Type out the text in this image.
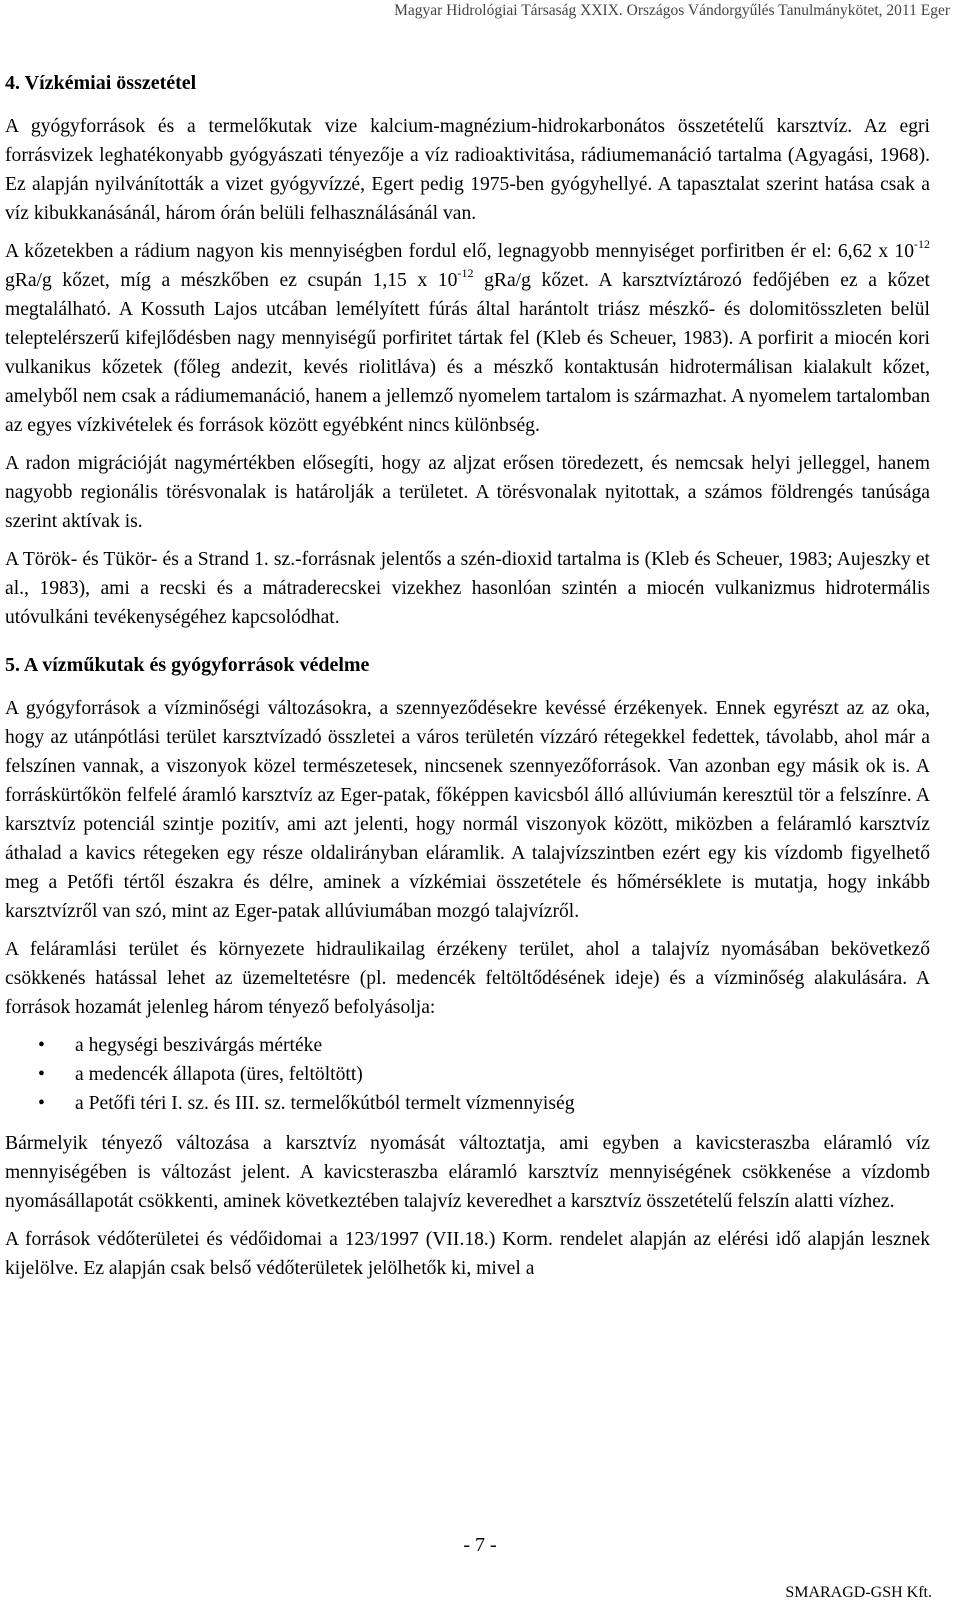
Magyar Hidrológiai Társaság XXIX. Országos Vándorgyűlés Tanulmánykötet, 2011 Eger
4. Vízkémiai összetétel

A gyógyforrások és a termelőkutak vize kalcium-magnézium-hidrokarbonátos összetételű karsztvíz. Az egri forrásvizek leghatékonyabb gyógyászati tényezője a víz radioaktivitása, rádiumemanáció tartalma (Agyagási, 1968). Ez alapján nyilvánították a vizet gyógyvízzé, Egert pedig 1975-ben gyógyhellyé. A tapasztalat szerint hatása csak a víz kibukkanásánál, három órán belüli felhasználásánál van.

A kőzetekben a rádium nagyon kis mennyiségben fordul elő, legnagyobb mennyiséget porfiritben ér el: 6,62 x $10^{-12}$ gRa/g kőzet, míg a mészkőben ez csupán 1,15 x $10^{-12}$ gRa/g kőzet. A karsztvíztározó fedőjében ez a kőzet megtalálható. A Kossuth Lajos utcában lemélyített fúrás által harántolt triász mészkő- és dolomitösszleten belül teleptelérszerű kifejlődésben nagy mennyiségű porfiritet tártak fel (Kleb és Scheuer, 1983). A porfirit a miocén kori vulkanikus kőzetek (főleg andezit, kevés riolitláva) és a mészkő kontaktusán hidrotermálisan kialakult kőzet, amelyből nem csak a rádiumemanáció, hanem a jellemző nyomelem tartalom is származhat. A nyomelem tartalomban az egyes vízkivételek és források között egyébként nincs különbség.

A radon migrációját nagymértékben elősegíti, hogy az aljzat erősen töredezett, és nemcsak helyi jelleggel, hanem nagyobb regionális törésvonalak is határolják a területet. A törésvonalak nyitottak, a számos földrengés tanúsága szerint aktívak is.

A Török- és Tükör- és a Strand 1. sz.-forrásnak jelentős a szén-dioxid tartalma is (Kleb és Scheuer, 1983; Aujeszky et al., 1983), ami a recski és a mátraderecskei vizekhez hasonlóan szintén a miocén vulkanizmus hidrotermális utóvulkáni tevékenységéhez kapcsolódhat.

5. A vízműkutak és gyógyforrások védelme

A gyógyforrások a vízminőségi változásokra, a szennyeződésekre kevéssé érzékenyek. Ennek egyrészt az az oka, hogy az utánpótlási terület karsztvízadó összletei a város területén vízzáró rétegekkel fedettek, távolabb, ahol már a felszínen vannak, a viszonyok közel természetesek, nincsenek szennyezőforrások. Van azonban egy másik ok is. A forráskürtőkön felfelé áramló karsztvíz az Eger-patak, főképpen kavicsból álló allúviumán keresztül tör a felszínre. A karsztvíz potenciál szintje pozitív, ami azt jelenti, hogy normál viszonyok között, miközben a feláramló karsztvíz áthalad a kavics rétegeken egy része oldalirányban eláramlik. A talajvízszintben ezért egy kis vízdomb figyelhető meg a Petőfi tértől északra és délre, aminek a vízkémiai összetétele és hőmérséklete is mutatja, hogy inkább karsztvízről van szó, mint az Eger-patak allúviumában mozgó talajvízről.

A feláramlási terület és környezete hidraulikailag érzékeny terület, ahol a talajvíz nyomásában bekövetkező csökkenés hatással lehet az üzemeltetésre (pl. medencék feltöltődésének ideje) és a vízminőség alakulására. A források hozamát jelenleg három tényező befolyásolja:

• a hegységi beszivárgás mértéke
• a medencék állapota (üres, feltöltött)
• a Petőfi téri I. sz. és III. sz. termelőkútból termelt vízmennyiség

Bármelyik tényező változása a karsztvíz nyomását változtatja, ami egyben a kavicsteraszba eláramló víz mennyiségében is változást jelent. A kavicsteraszba eláramló karsztvíz mennyiségének csökkenése a vízdomb nyomásállapotát csökkenti, aminek következtében talajvíz keveredhet a karsztvíz összetételű felszín alatti vízhez.

A források védőterületei és védőidomai a 123/1997 (VII.18.) Korm. rendelet alapján az elérési idő alapján lesznek kijelölve. Ez alapján csak belső védőterületek jelölhetők ki, mivel a

- 7 -
SMARAGD-GSH Kft.
